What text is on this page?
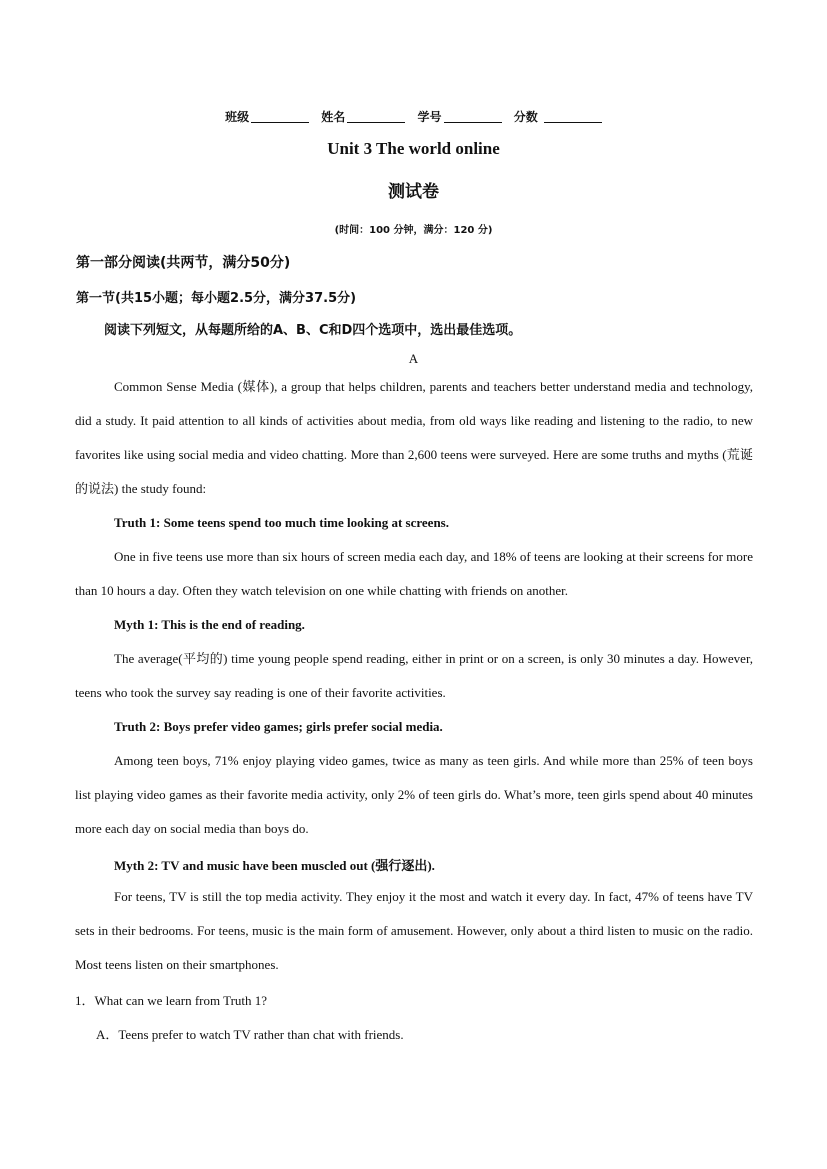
班级	姓名	学号	分数
Unit 3 The world online
测试卷
(时间：100 分钟，满分：120 分)
第一部分阅读(共两节，满分50分)
第一节(共15小题；每小题2.5分，满分37.5分)
阅读下列短文，从每题所给的A、B、C和D四个选项中，选出最佳选项。
A

Common Sense Media (媒体), a group that helps children, parents and teachers better understand media and technology, did a study. It paid attention to all kinds of activities about media, from old ways like reading and listening to the radio, to new favorites like using social media and video chatting. More than 2,600 teens were surveyed. Here are some truths and myths (荒诞的说法) the study found:

Truth 1: Some teens spend too much time looking at screens.

One in five teens use more than six hours of screen media each day, and 18% of teens are looking at their screens for more than 10 hours a day. Often they watch television on one while chatting with friends on another.

Myth 1: This is the end of reading.

The average(平均的) time young people spend reading, either in print or on a screen, is only 30 minutes a day. However, teens who took the survey say reading is one of their favorite activities.

Truth 2: Boys prefer video games; girls prefer social media.

Among teen boys, 71% enjoy playing video games, twice as many as teen girls. And while more than 25% of teen boys list playing video games as their favorite media activity, only 2% of teen girls do. What’s more, teen girls spend about 40 minutes more each day on social media than boys do.

Myth 2: TV and music have been muscled out (强行逐出).

For teens, TV is still the top media activity. They enjoy it the most and watch it every day. In fact, 47% of teens have TV sets in their bedrooms. For teens, music is the main form of amusement. However, only about a third listen to music on the radio. Most teens listen on their smartphones.

1．What can we learn from Truth 1?
A．Teens prefer to watch TV rather than chat with friends.
